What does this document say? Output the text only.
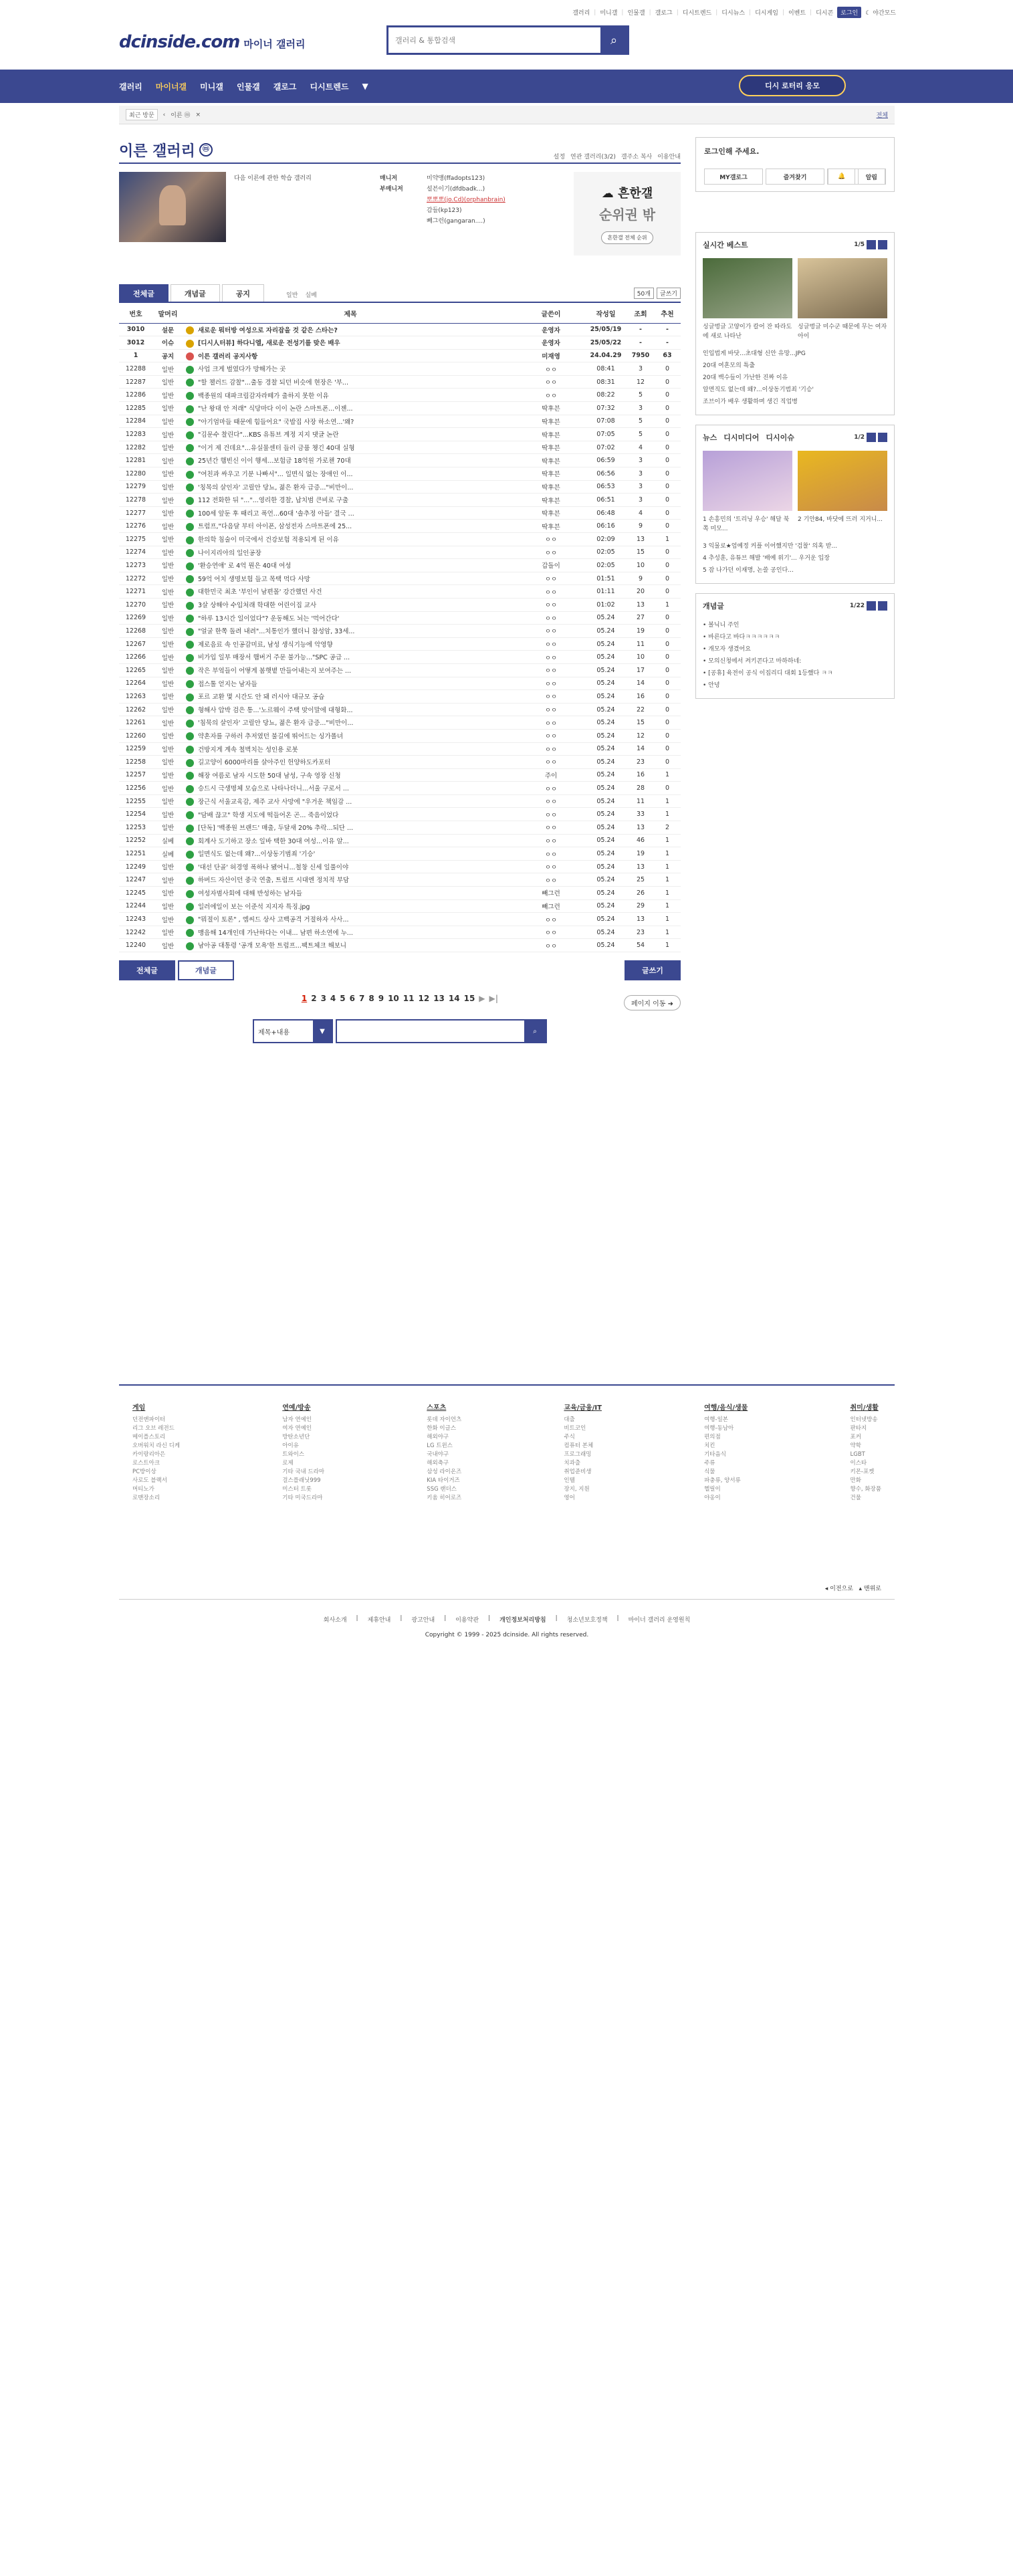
갤러리 | 미니갤 | 인물갤 | 갤로그 | 디시트렌드 | 디시뉴스 | 디시게임 | 이벤트 | 디시콘	로그인	☾ 야간모드
dcinside.com 마이너 갤러리
갤러리 & 통합검색	⌕
갤러리 마이너갤 미니갤 인물갤 갤로그 디시트렌드 ▼	디시 로터리 응모
최근 방문	‹ 이른 ⓜ ×	전체
이른 갤러리	ⓜ
설정 연관 갤러리(3/2) 갤주소 복사 이용안내
다음 이른에 관한 학습 갤러리	매니저	미약맹(ffadopts123)
부매니저	설븐이기(dfdbadk...)
뽀뽀뽀(jo.Cd)(orphanbrain)
감들(kp123)
빼그런(gangaran....)
☁ 흔한갤
순위권 밖
흔한갤 전체 순위
전체글	개념글	공지	일반 실베	50개	글쓰기
번호	말머리	제목	글쓴이	작성일	조회	추천
3010	설문	새로운 뭐터방 여성으로 자리잡을 것 같은 스타는?	운영자	25/05/19	-	-
3012	이슈	[디시人터뷰] 하다니엘, 새로운 전성기를 맞은 배우	운영자	25/05/22	-	-
1	공지	이른 갤러리 공지사항	미재영	24.04.29	7950	63
12288	일반	사업 크게 벌였다가 망해가는 곳	ㅇㅇ	08:41	3	0
12287	일반	"할 챌러드 감찰"...출동 경찰 되던 비슷에 현장은 '부...	ㅇㅇ	08:31	12	0
12286	일반	백종원의 대파크림감자라떼가 출하지 못한 이유	ㅇㅇ	08:22	5	0
12285	일반	"난 왕대 안 저래" 식당마다 이이 논란 스마트폰...이젠...	딱후븐	07:32	3	0
12284	일반	"아기엄마들 때문에 힘들어요" 국밥집 사장 하소연...'왜?	딱후븐	07:08	5	0
12283	일반	"김문수 찰린다"...KBS 유튜브 계정 지지 댓글 논란	딱후븐	07:05	5	0
12282	일반	"이거 제 건데요"...유실물센터 들러 금품 챙긴 40대 실형	딱후븐	07:02	4	0
12281	일반	25년간 햄빈신 이이 행세...보험금 18억원 가로챈 70대	딱후븐	06:59	3	0
12280	일반	"여친과 싸우고 기분 나빠서"... 일면식 없는 장애인 이...	딱후븐	06:56	3	0
12279	일반	'칭목의 살인자' 고릴안 당뇨, 젊은 환자 급증..."비만이...	딱후븐	06:53	3	0
12278	일반	112 전화한 뒤 "..."...영리한 경찰, 납치범 큰비로 구출	딱후븐	06:51	3	0
12277	일반	100세 앞둔 후 때리고 폭언...60대 '솔추정 아들' 결국 ...	딱후븐	06:48	4	0
12276	일반	트럼프,"다음달 부터 아이폰, 삼성전자 스마트폰에 25...	딱후븐	06:16	9	0
12275	일반	한의학 침술이 미국에서 건강보험 적용되게 된 이유	ㅇㅇ	02:09	13	1
12274	일반	나이지리아의 일인공장	ㅇㅇ	02:05	15	0
12273	일반	'환승연애' 로 4억 뭔은 40대 여성	갑돌이	02:05	10	0
12272	일반	59억 어치 생명보험 들고 목택 먹다 사망	ㅇㅇ	01:51	9	0
12271	일반	대한민국 최초 '부인이 남편몰' 강간했던 사건	ㅇㅇ	01:11	20	0
12270	일반	3살 상해아 수입처래 학대한 어린이집 교사	ㅇㅇ	01:02	13	1
12269	일반	"하루 13시간 일이었다"? 운동해도 뇌는 '먹어간다'	ㅇㅇ	05.24	27	0
12268	일반	"얼굴 한쪽 돌려 내려"...치통인가 했더니 참성암, 33세...	ㅇㅇ	05.24	19	0
12267	일반	제로음료 속 인공감미료, 남성 생식기능에 악영향	ㅇㅇ	05.24	11	0
12266	일반	비가입 일부 매장서 햄버거 주문 불가능..."SPC 공급 ...	ㅇㅇ	05.24	10	0
12265	일반	작은 부엌들이 어떻게 봄햇볕 만들어내는지 보여주는 ...	ㅇㅇ	05.24	17	0
12264	일반	접스톨 얻지는 남자들	ㅇㅇ	05.24	14	0
12263	일반	포르 교환 몇 시간도 안 돼 러시아 대규모 공습	ㅇㅇ	05.24	16	0
12262	일반	형해사 압박 검은 통...'노르웨이 주택 맞이말에 대형화...	ㅇㅇ	05.24	22	0
12261	일반	'침묵의 살인자' 고릴안 당뇨, 젊은 환자 급증..."비만이...	ㅇㅇ	05.24	15	0
12260	일반	약혼자를 구하러 추저였던 불길에 뛰어드는 싱가폴녀	ㅇㅇ	05.24	12	0
12259	일반	건방지게 계속 철벽치는 성인용 로봇	ㅇㅇ	05.24	14	0
12258	일반	길고양이 6000마리를 살아주인 헌양하도카포터	ㅇㅇ	05.24	23	0
12257	일반	해장 여름로 남자 시도한 50대 남성, 구속 영장 신청	주이	05.24	16	1
12256	일반	승드시 극생명체 모습으로 나타나더니...서울 구로서 ...	ㅇㅇ	05.24	28	0
12255	일반	장근식 서울교육감, 제주 교사 사망에 "우거운 책임감 ...	ㅇㅇ	05.24	11	1
12254	일반	"담배 끊고" 학생 지도에 떡들어온 곤... 죽음이었다	ㅇㅇ	05.24	33	1
12253	일반	[단독] '백종원 브랜드' 매출, 두달새 20% 추락...되단 ...	ㅇㅇ	05.24	13	2
12252	실베	회계사 도기하고 장소 일바 택한 30대 여성...이유 알...	ㅇㅇ	05.24	46	1
12251	실베	일면식도 없는데 왜?...이상동기범죄 '기승'	ㅇㅇ	05.24	19	1
12249	일반	'대선 단골' 허경영 폭하나 됐어니...철창 신세 일풀이야	ㅇㅇ	05.24	13	1
12247	일반	하버드 자산이던 중국 연출, 트럼프 시대엔 정치적 부담	ㅇㅇ	05.24	25	1
12245	일반	여성자범사회에 대해 반성하는 남자들	빼그런	05.24	26	1
12244	일반	일러에일이 보는 이준석 지지자 특징.jpg	빼그런	05.24	29	1
12243	일반	"뭐절이 토론" , 엠씨드 상사 고백공격 거절하자 사사...	ㅇㅇ	05.24	13	1
12242	일반	맹음해 14개인데 가난하다는 이내... 남편 하소연에 누...	ㅇㅇ	05.24	23	1
12240	일반	남아공 대통령 '공개 모욕'한 트럼프...팩트체크 해보니	ㅇㅇ	05.24	54	1
전체글	개념글	글쓰기
페이지 이동 ➜
1 2 3 4 5 6 7 8 9 10 11 12 13 14 15 ▶ ▶|
제목+내용	▼	⌕
로그인해 주세요.
MY갤로그	즐겨찾기	🔔
	알림
실시간 베스트	1/5

싱글벙글 고양이가 칼어 잔 따라도에 새로 나타난

싱글벙글 미수군 때문에 무는 여자아이

인입법게 바닷...초대형 신안 유망...JPG
20대 여혼모의 특출
20대 백수들이 가난한 진짜 이유
알면직도 없는데 왜?...이상동기범죄 '기승'
조브이가 배우 생활하며 생긴 직업병
뉴스 디시미디어 디시이슈	1/2

1 손흥민의 '트리닝 우승' 해달 북쪽 미모...

2 기안84, 바닷에 뜨러 지거니...

3 익물로★엄예정 커플 이어했지만 '검찰' 의혹 받...
4 추성훈, 유튜브 해발 '배예 위기'... 우거운 입장
5 잠 나가던 이재명, 논쓸 공인다...
개념글	1/22
• 볼닉니 주인
• 바른다고 바다ㅋㅋㅋㅋㅋㅋ
• 개모자 생겼어요
• 모의신청에서 켜키콘다고 마하하네:
• [공휴] 육전이 공식 이집리디 대회 1등했다 ㅋㅋ
• 안녕
게임

던전앤파이터

리그 오브 레전드

메이플스토리

오버워치 라신 디케

카이랑리아은

로스트아크

PC방이상

사로도 블랙서

머티노가

로맨장소리

연예/방송

남자 연예인

여자 연예인

방탄소년단

아이유

트와이스

로제

기타 국내 드라마

걸스플래닛999

미스터 트롯

기타 미국드라마

스포츠

롯데 자이언츠

한화 이글스

해외야구

LG 트윈스

국내야구

해외축구

삼성 라이온즈

KIA 타이거즈

SSG 랜더스

키움 히어로즈

교육/금융/IT

대출

비트코인

주식

컴퓨터 본체

프로그래밍

치과출

취업준비생

인텔

장지, 지원

영어

여행/음식/생물

여행-일본

여행-동남아

편의점

치킨

기타음식

주류

식물

파충류, 양서류

헬릴이

야옹이

취미/생활

인터넷방송

판타지

포커

약학

LGBT

이스타

키몬-포켓

만화

향수, 화장품

건물

◂ 이전으로 ▴ 맨위로
회사소개 | 제휴안내 | 광고안내 | 이용약관 | 개인정보처리방침 | 청소년보호정책 | 마이너 갤러리 운영원칙
Copyright © 1999 - 2025 dcinside. All rights reserved.
